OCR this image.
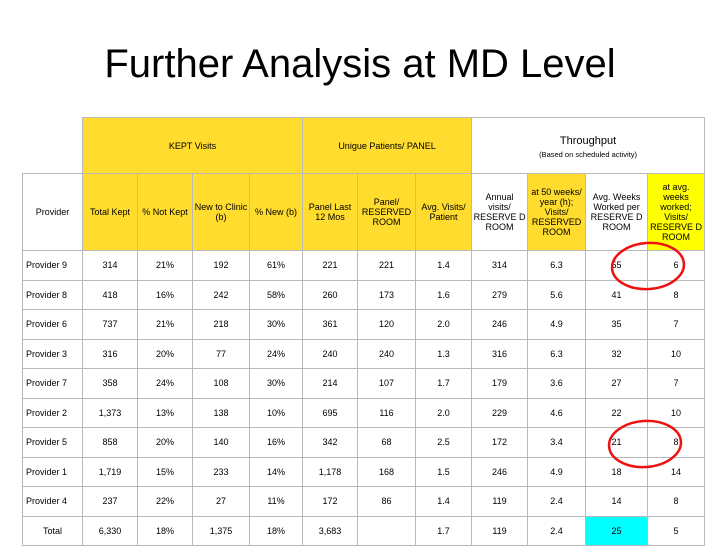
Further Analysis at MD Level
	KEPT Visits				Unigue Patients/ PANEL			Throughput
(Based on scheduled activity)			

Provider	Total Kept	% Not Kept	New to Clinic (b)	% New (b)	Panel Last 12 Mos	Panel/ RESERVED ROOM	Avg. Visits/ Patient	Annual visits/ RESERVE D ROOM	at 50 weeks/ year (h); Visits/ RESERVED ROOM	Avg. Weeks Worked per RESERVE D ROOM	at avg. weeks worked; Visits/ RESERVE D ROOM
Provider 9	314	21%	192	61%	221	221	1.4	314	6.3	55	6
Provider 8	418	16%	242	58%	260	173	1.6	279	5.6	41	8
Provider 6	737	21%	218	30%	361	120	2.0	246	4.9	35	7
Provider 3	316	20%	77	24%	240	240	1.3	316	6.3	32	10
Provider 7	358	24%	108	30%	214	107	1.7	179	3.6	27	7
Provider 2	1,373	13%	138	10%	695	116	2.0	229	4.6	22	10
Provider 5	858	20%	140	16%	342	68	2.5	172	3.4	21	8
Provider 1	1,719	15%	233	14%	1,178	168	1.5	246	4.9	18	14
Provider 4	237	22%	27	11%	172	86	1.4	119	2.4	14	8
Total	6,330	18%	1,375	18%	3,683		1.7	119	2.4	25	5
